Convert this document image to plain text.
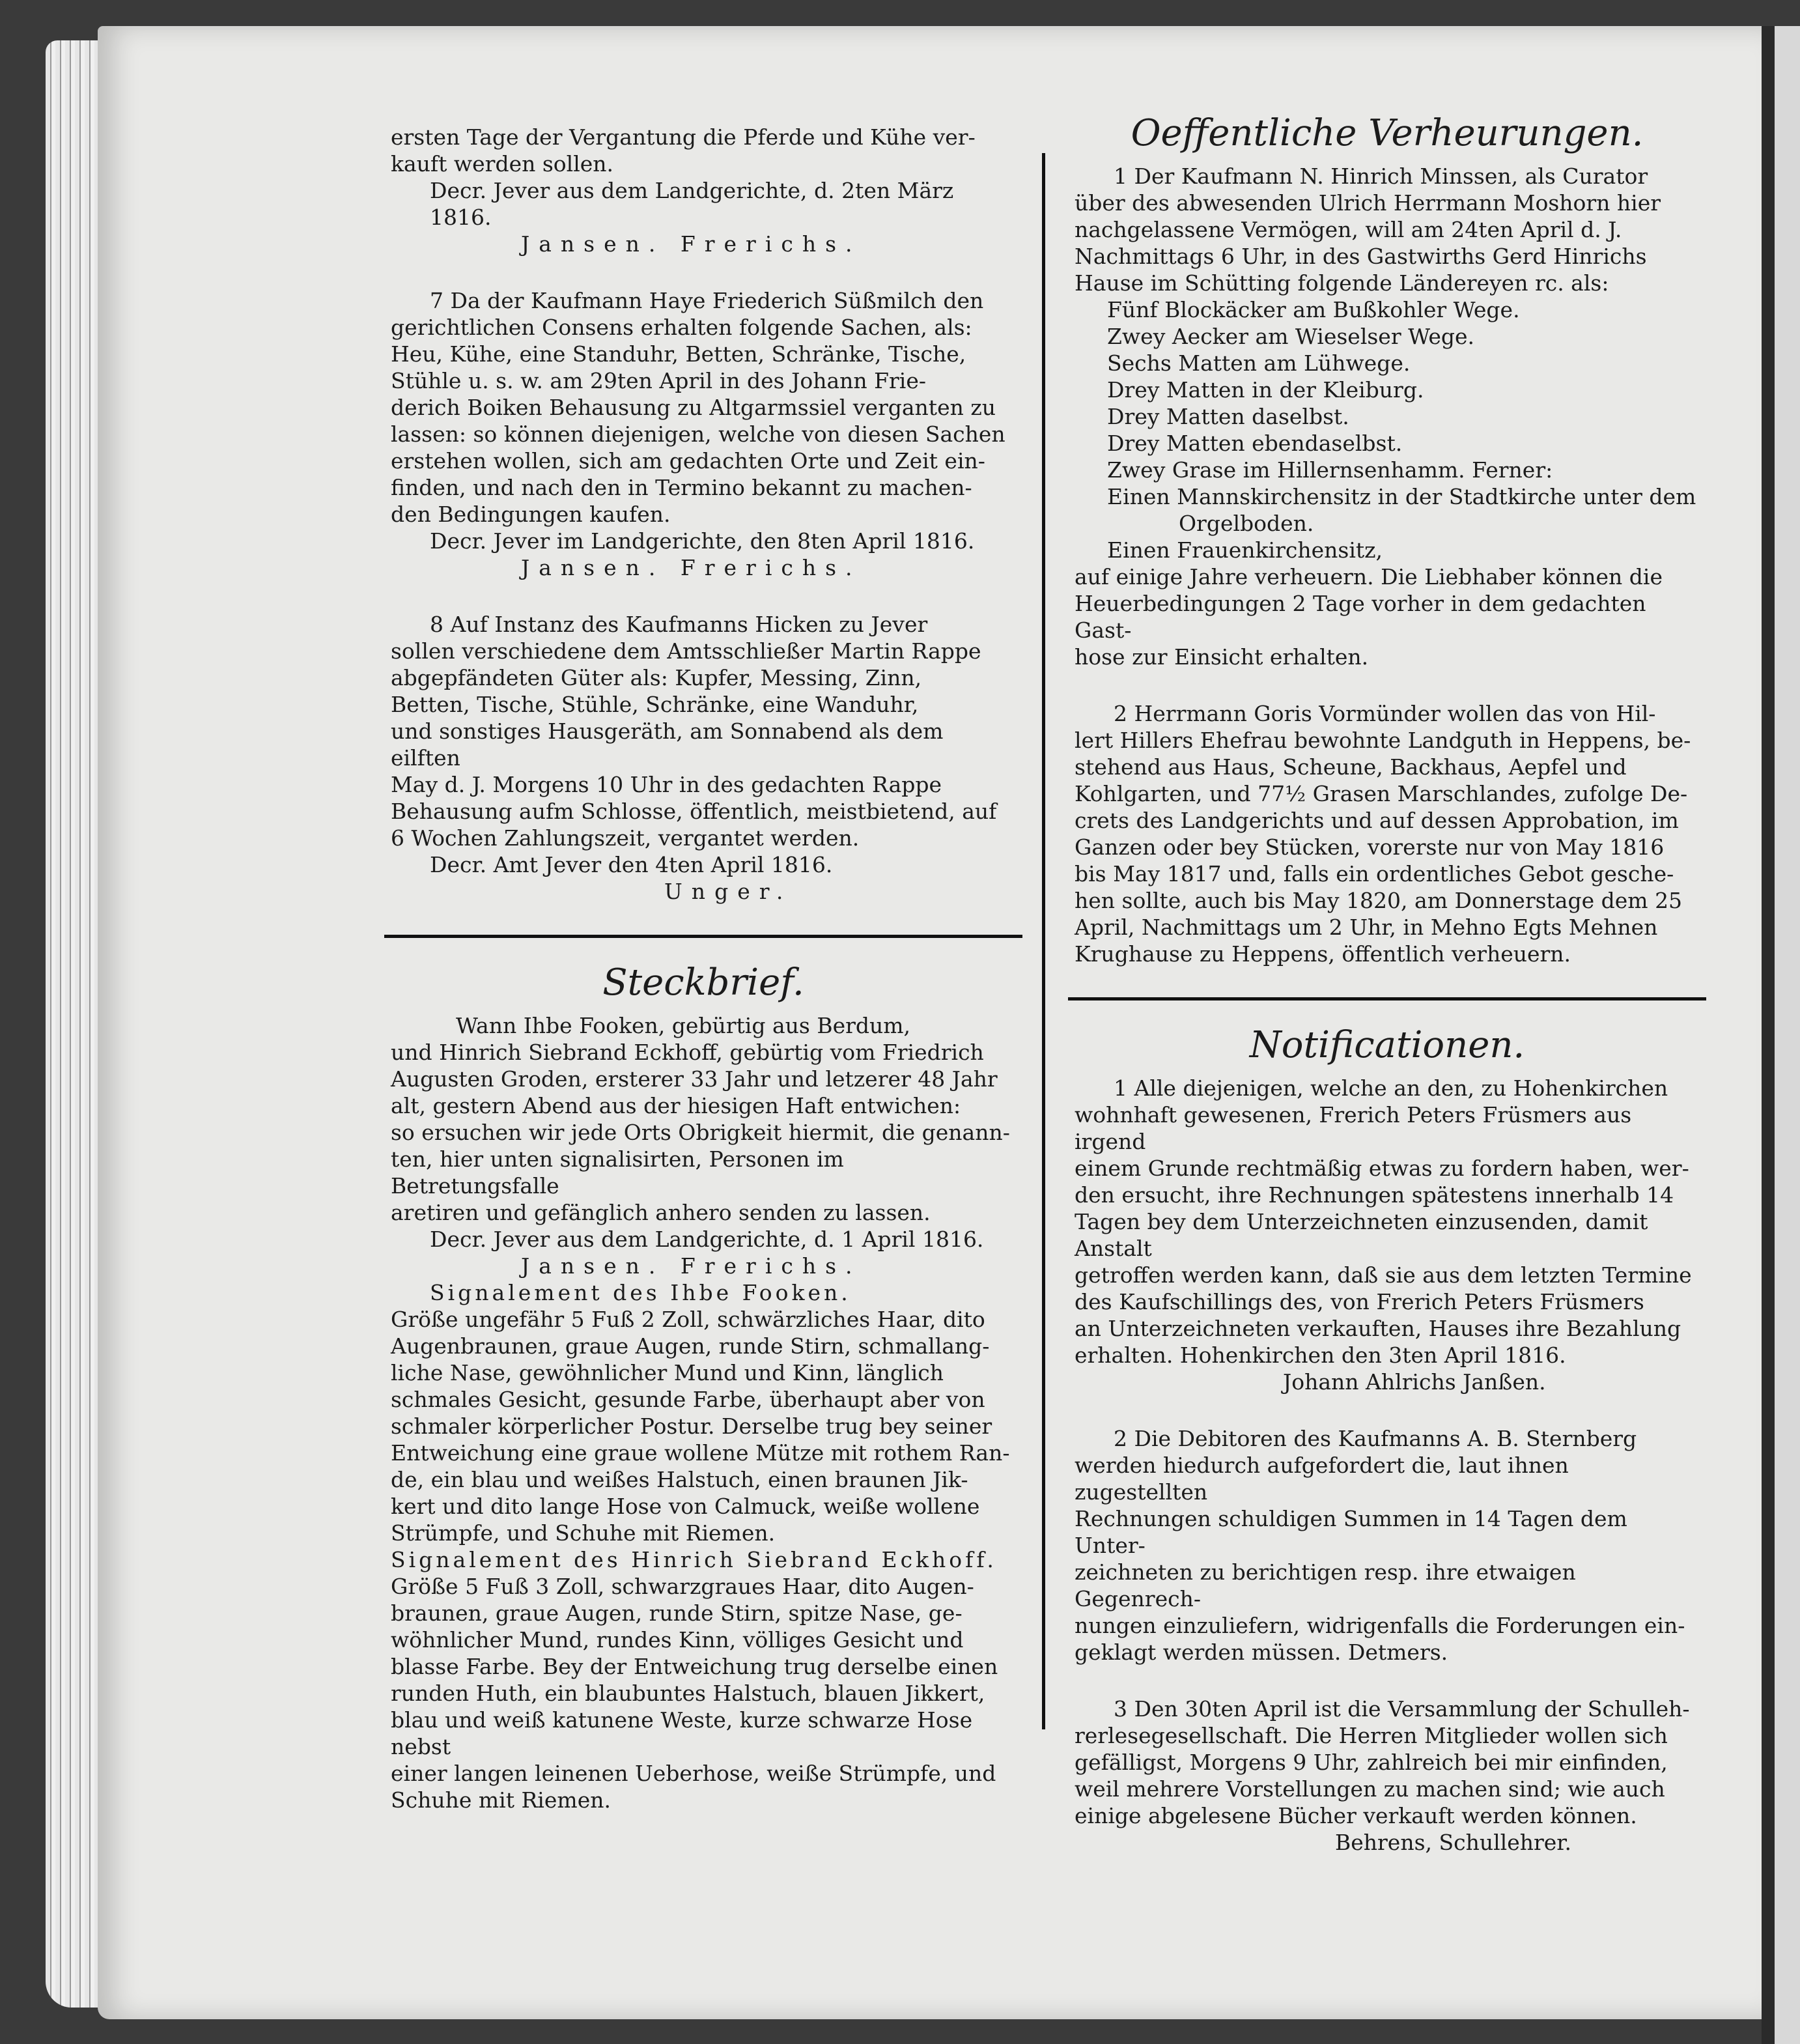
ersten Tage der Vergantung die Pferde und Kühe ver-

kauft werden sollen.

Decr. Jever aus dem Landgerichte, d. 2ten März 1816.

Jansen. Frerichs.

7 Da der Kaufmann Haye Friederich Süßmilch den

gerichtlichen Consens erhalten folgende Sachen, als:

Heu, Kühe, eine Standuhr, Betten, Schränke, Tische,

Stühle u. s. w. am 29ten April in des Johann Frie-

derich Boiken Behausung zu Altgarmssiel verganten zu

lassen: so können diejenigen, welche von diesen Sachen

erstehen wollen, sich am gedachten Orte und Zeit ein-

finden, und nach den in Termino bekannt zu machen-

den Bedingungen kaufen.

Decr. Jever im Landgerichte, den 8ten April 1816.

Jansen. Frerichs.

8 Auf Instanz des Kaufmanns Hicken zu Jever

sollen verschiedene dem Amtsschließer Martin Rappe

abgepfändeten Güter als: Kupfer, Messing, Zinn,

Betten, Tische, Stühle, Schränke, eine Wanduhr,

und sonstiges Hausgeräth, am Sonnabend als dem eilften

May d. J. Morgens 10 Uhr in des gedachten Rappe

Behausung aufm Schlosse, öffentlich, meistbietend, auf

6 Wochen Zahlungszeit, vergantet werden.

Decr. Amt Jever den 4ten April 1816.

Unger.

Steckbrief.

Wann Ihbe Fooken, gebürtig aus Berdum,

und Hinrich Siebrand Eckhoff, gebürtig vom Friedrich

Augusten Groden, ersterer 33 Jahr und letzerer 48 Jahr

alt, gestern Abend aus der hiesigen Haft entwichen:

so ersuchen wir jede Orts Obrigkeit hiermit, die genann-

ten, hier unten signalisirten, Personen im Betretungsfalle

aretiren und gefänglich anhero senden zu lassen.

Decr. Jever aus dem Landgerichte, d. 1 April 1816.

Jansen. Frerichs.

Signalement des Ihbe Fooken.

Größe ungefähr 5 Fuß 2 Zoll, schwärzliches Haar, dito

Augenbraunen, graue Augen, runde Stirn, schmallang-

liche Nase, gewöhnlicher Mund und Kinn, länglich

schmales Gesicht, gesunde Farbe, überhaupt aber von

schmaler körperlicher Postur. Derselbe trug bey seiner

Entweichung eine graue wollene Mütze mit rothem Ran-

de, ein blau und weißes Halstuch, einen braunen Jik-

kert und dito lange Hose von Calmuck, weiße wollene

Strümpfe, und Schuhe mit Riemen.

Signalement des Hinrich Siebrand Eckhoff.

Größe 5 Fuß 3 Zoll, schwarzgraues Haar, dito Augen-

braunen, graue Augen, runde Stirn, spitze Nase, ge-

wöhnlicher Mund, rundes Kinn, völliges Gesicht und

blasse Farbe. Bey der Entweichung trug derselbe einen

runden Huth, ein blaubuntes Halstuch, blauen Jikkert,

blau und weiß katunene Weste, kurze schwarze Hose nebst

einer langen leinenen Ueberhose, weiße Strümpfe, und

Schuhe mit Riemen.

Oeffentliche Verheurungen.

1 Der Kaufmann N. Hinrich Minssen, als Curator

über des abwesenden Ulrich Herrmann Moshorn hier

nachgelassene Vermögen, will am 24ten April d. J.

Nachmittags 6 Uhr, in des Gastwirths Gerd Hinrichs

Hause im Schütting folgende Ländereyen rc. als:

Fünf Blockäcker am Bußkohler Wege.

Zwey Aecker am Wieselser Wege.

Sechs Matten am Lühwege.

Drey Matten in der Kleiburg.

Drey Matten daselbst.

Drey Matten ebendaselbst.

Zwey Grase im Hillernsenhamm. Ferner:

Einen Mannskirchensitz in der Stadtkirche unter dem

Orgelboden.

Einen Frauenkirchensitz,

auf einige Jahre verheuern. Die Liebhaber können die

Heuerbedingungen 2 Tage vorher in dem gedachten Gast-

hose zur Einsicht erhalten.

2 Herrmann Goris Vormünder wollen das von Hil-

lert Hillers Ehefrau bewohnte Landguth in Heppens, be-

stehend aus Haus, Scheune, Backhaus, Aepfel und

Kohlgarten, und 77½ Grasen Marschlandes, zufolge De-

crets des Landgerichts und auf dessen Approbation, im

Ganzen oder bey Stücken, vorerste nur von May 1816

bis May 1817 und, falls ein ordentliches Gebot gesche-

hen sollte, auch bis May 1820, am Donnerstage dem 25

April, Nachmittags um 2 Uhr, in Mehno Egts Mehnen

Krughause zu Heppens, öffentlich verheuern.

Notificationen.

1 Alle diejenigen, welche an den, zu Hohenkirchen

wohnhaft gewesenen, Frerich Peters Früsmers aus irgend

einem Grunde rechtmäßig etwas zu fordern haben, wer-

den ersucht, ihre Rechnungen spätestens innerhalb 14

Tagen bey dem Unterzeichneten einzusenden, damit Anstalt

getroffen werden kann, daß sie aus dem letzten Termine

des Kaufschillings des, von Frerich Peters Früsmers

an Unterzeichneten verkauften, Hauses ihre Bezahlung

erhalten. Hohenkirchen den 3ten April 1816.

Johann Ahlrichs Janßen.

2 Die Debitoren des Kaufmanns A. B. Sternberg

werden hiedurch aufgefordert die, laut ihnen zugestellten

Rechnungen schuldigen Summen in 14 Tagen dem Unter-

zeichneten zu berichtigen resp. ihre etwaigen Gegenrech-

nungen einzuliefern, widrigenfalls die Forderungen ein-

geklagt werden müssen. Detmers.

3 Den 30ten April ist die Versammlung der Schulleh-

rerlesegesellschaft. Die Herren Mitglieder wollen sich

gefälligst, Morgens 9 Uhr, zahlreich bei mir einfinden,

weil mehrere Vorstellungen zu machen sind; wie auch

einige abgelesene Bücher verkauft werden können.

Behrens, Schullehrer.
